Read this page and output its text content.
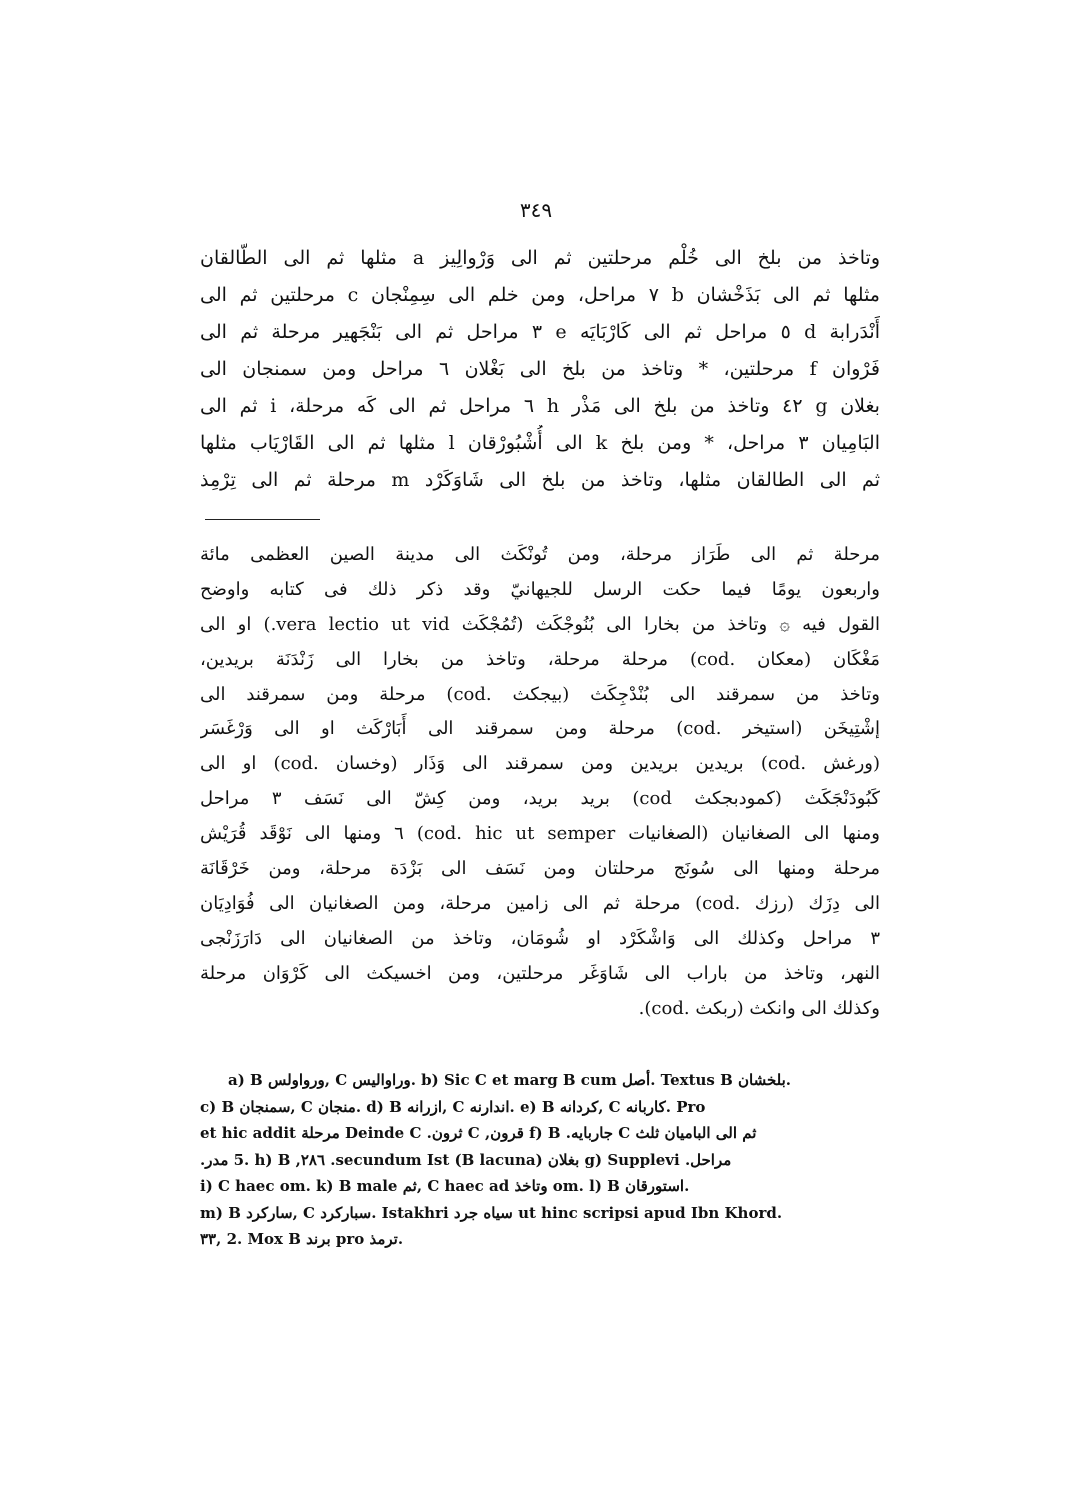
٣٤٩
وتاخذ من بلخ الى خُلْم مرحلتين ثم الى وَرْوالِيز a مثلها ثم الى الطّالقان
مثلها ثم الى بَذَخْشان b ٧ مراحل، ومن خلم الى سِمِنْجان c مرحلتين ثم الى
أَنْدَرابة d ٥ مراحل ثم الى كَارْبَايَه e ٣ مراحل ثم الى بَنْجَهير مرحلة ثم الى
فَرْوان f مرحلتين، * وتاخذ من بلخ الى بَغْلان ٦ مراحل ومن سمنجان الى
بغلان g ٤٢ وتاخذ من بلخ الى مَذْر h ٦ مراحل ثم الى كَه مرحلة، i ثم الى
البَامِيان ٣ مراحل، * ومن بلخ k الى أُشْبُورْقان l مثلها ثم الى القَارْيَاب مثلها
ثم الى الطالقان مثلها، وتاخذ من بلخ الى شَاوَكَرْد m مرحلة ثم الى تِرْمِذ
مرحلة ثم الى طَرَاز مرحلة، ومن تُونْكَث الى مدينة الصين العظمى مائة
واربعون يومًا فيما حكت الرسل للجيهانيّ وقد ذكر ذلك فى كتابه واوضح
القول فيه ۞ وتاخذ من بخارا الى بُنُوجْكَث (تُمُجْكَث vera lectio ut vid.) او الى
مَغْكَان (معكان .cod) مرحلة مرحلة، وتاخذ من بخارا الى زَنْدَنَة بريدين،
وتاخذ من سمرقند الى بُنْدْجِكَث (بيجكث .cod) مرحلة ومن سمرقند الى
إشْتِيخَن (استيخر .cod) مرحلة ومن سمرقند الى أَبَارْكَث او الى وَرْغَسَر
(ورغش .cod) بريدين بريدين ومن سمرقند الى وَذَار (وخسان .cod) او الى
كَبُودَنْجَكَث (كمودبجكث cod) بريد بريد، ومن كِشّ الى نَسَف ٣ مراحل
ومنها الى الصغانيان (الصغانيات cod. hic ut semper) ٦ ومنها الى نَوْقَد قُرَيْش
مرحلة ومنها الى سُونَج مرحلتان ومن نَسَف الى بَزْدَة مرحلة، ومن خَرْقَانَة
الى دِزَك (رزك .cod) مرحلة ثم الى زامين مرحلة، ومن الصغانيان الى فُوَادِيَان
٣ مراحل وكذلك الى وَاشْكَرْد او شُومَان، وتاخذ من الصغانيان الى دَارَزَنْجى
النهر، وتاخذ من باراب الى شَاوَغَر مرحلتين، ومن اخسيكث الى كَرْوَان مرحلة
وكذلك الى وانكث (ربكث .cod).
a) B ورواولس, C وراواليس. b) Sic C et marg B cum أصل. Textus B بلخشان.
c) B سمنجان, C منجان. d) B ازرانه, C اندارنه. e) B كردانه, C كاربانه. Pro
ثم الى البامیان ثلث C جاربايه. f) B قرون, C ثرون. Deinde C مرحلة et hic addit
مراحل. g) Supplevi بغلان (B lacuna) secundum Ist. ٢٨٦, 5. h) B مدر.
i) C haec om. k) B male ثم, C haec ad وتاخذ om. l) B استورقان.
m) B سارکرد, C سبارکرد. Istakhri سیاه جرد ut hinc scripsi apud Ibn Khord.
٣٣, 2. Mox B برند pro ترمذ.
